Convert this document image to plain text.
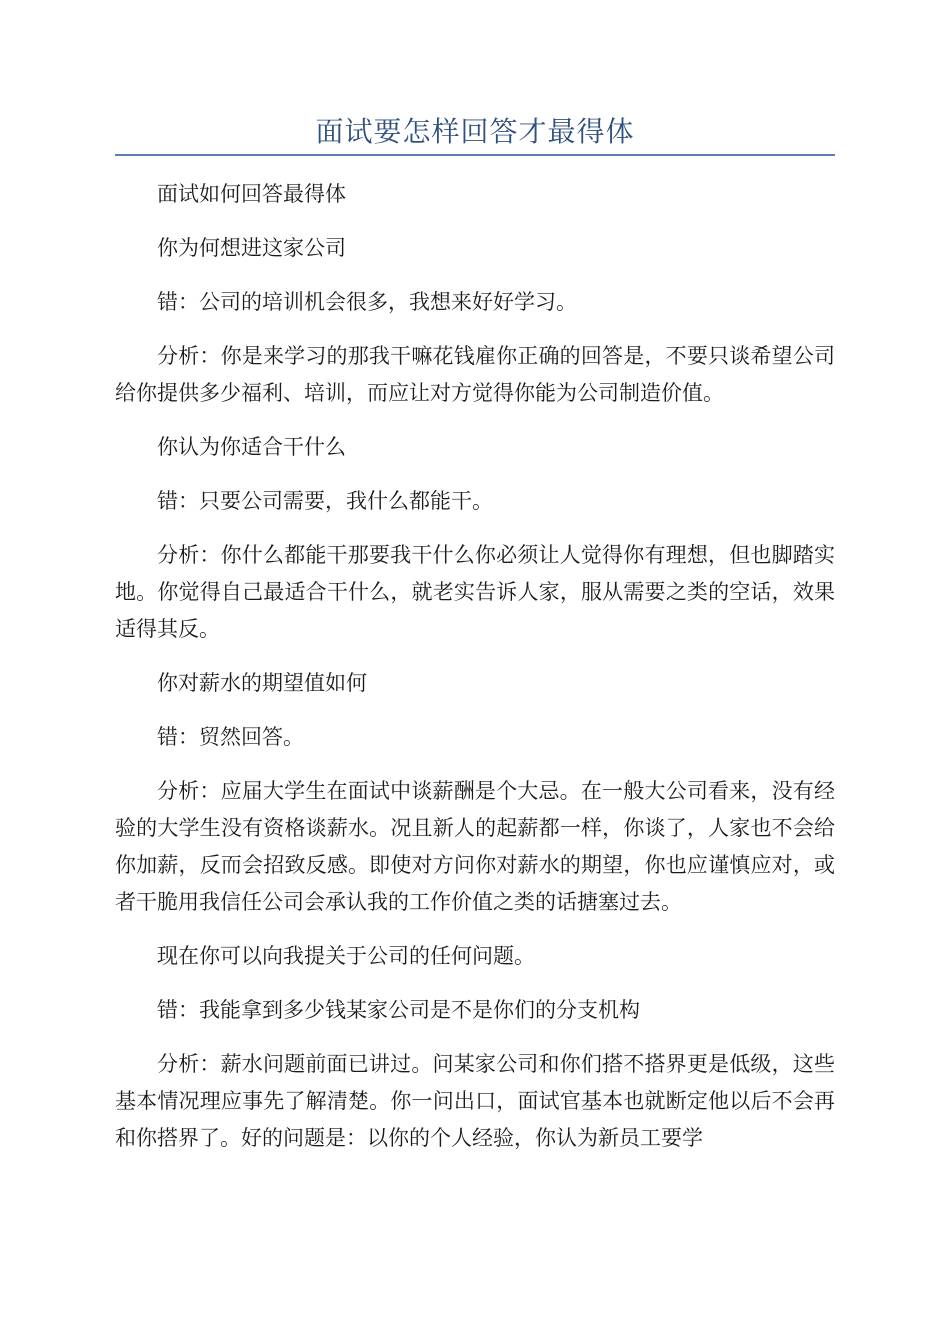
面试要怎样回答才最得体

面试如何回答最得体

你为何想进这家公司

错：公司的培训机会很多，我想来好好学习。

分析：你是来学习的那我干嘛花钱雇你正确的回答是，不要只谈希望公司给你提供多少福利、培训，而应让对方觉得你能为公司制造价值。

你认为你适合干什么

错：只要公司需要，我什么都能干。

分析：你什么都能干那要我干什么你必须让人觉得你有理想，但也脚踏实地。你觉得自己最适合干什么，就老实告诉人家，服从需要之类的空话，效果适得其反。

你对薪水的期望值如何

错：贸然回答。

分析：应届大学生在面试中谈薪酬是个大忌。在一般大公司看来，没有经验的大学生没有资格谈薪水。况且新人的起薪都一样，你谈了，人家也不会给你加薪，反而会招致反感。即使对方问你对薪水的期望，你也应谨慎应对，或者干脆用我信任公司会承认我的工作价值之类的话搪塞过去。

现在你可以向我提关于公司的任何问题。

错：我能拿到多少钱某家公司是不是你们的分支机构

分析：薪水问题前面已讲过。问某家公司和你们搭不搭界更是低级，这些基本情况理应事先了解清楚。你一问出口，面试官基本也就断定他以后不会再和你搭界了。好的问题是：以你的个人经验，你认为新员工要学
